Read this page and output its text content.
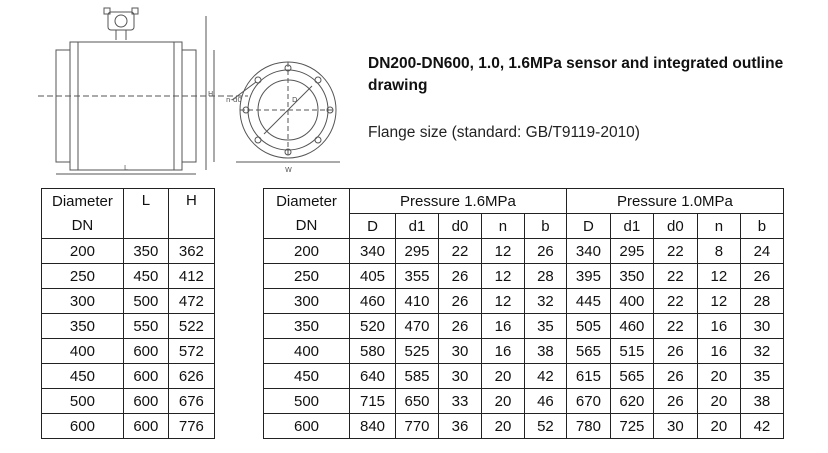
L
H
n-d0	D
W
DN200-DN600, 1.0, 1.6MPa sensor and integrated outline drawing
Flange size (standard: GB/T9119-2010)
Diameter	L	H		Diameter	Pressure 1.6MPa					Pressure 1.0MPa				
DN				DN	D	d1	d0	n	b	D	d1	d0	n	b
200	350	362		200	340	295	22	12	26	340	295	22	8	24
250	450	412		250	405	355	26	12	28	395	350	22	12	26
300	500	472		300	460	410	26	12	32	445	400	22	12	28
350	550	522		350	520	470	26	16	35	505	460	22	16	30
400	600	572		400	580	525	30	16	38	565	515	26	16	32
450	600	626		450	640	585	30	20	42	615	565	26	20	35
500	600	676		500	715	650	33	20	46	670	620	26	20	38
600	600	776		600	840	770	36	20	52	780	725	30	20	42
